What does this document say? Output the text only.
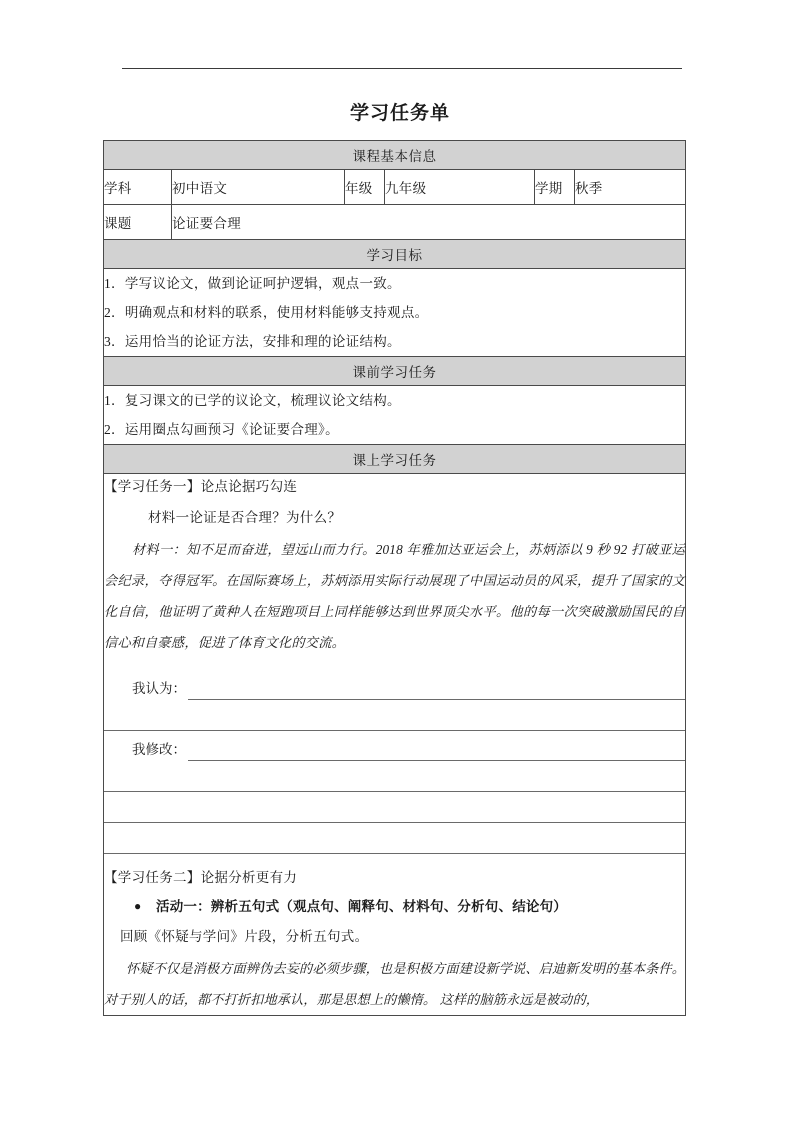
学习任务单
课程基本信息					
学科	初中语文	年级	九年级	学期	秋季
课题	论证要合理				
学习目标					

1．学写议论文，做到论证呵护逻辑，观点一致。

2．明确观点和材料的联系，使用材料能够支持观点。

3．运用恰当的论证方法，安排和理的论证结构。					

课前学习任务					

1．复习课文的已学的议论文，梳理议论文结构。

2．运用圈点勾画预习《论证要合理》。					

课上学习任务					

【学习任务一】论点论据巧勾连

材料一论证是否合理？为什么？

材料一：知不足而奋进，望远山而力行。2018 年雅加达亚运会上，苏炳添以 9 秒 92 打破亚运会纪录，夺得冠军。在国际赛场上，苏炳添用实际行动展现了中国运动员的风采，提升了国家的文化自信，他证明了黄种人在短跑项目上同样能够达到世界顶尖水平。他的每一次突破激励国民的自信心和自豪感，促进了体育文化的交流。

我认为：
我修改：

【学习任务二】论据分析更有力

● 活动一：辨析五句式（观点句、阐释句、材料句、分析句、结论句）

回顾《怀疑与学问》片段，分析五句式。

怀疑不仅是消极方面辨伪去妄的必须步骤，也是积极方面建设新学说、启迪新发明的基本条件。对于别人的话，都不打折扣地承认，那是思想上的懒惰。 这样的脑筋永远是被动的，
